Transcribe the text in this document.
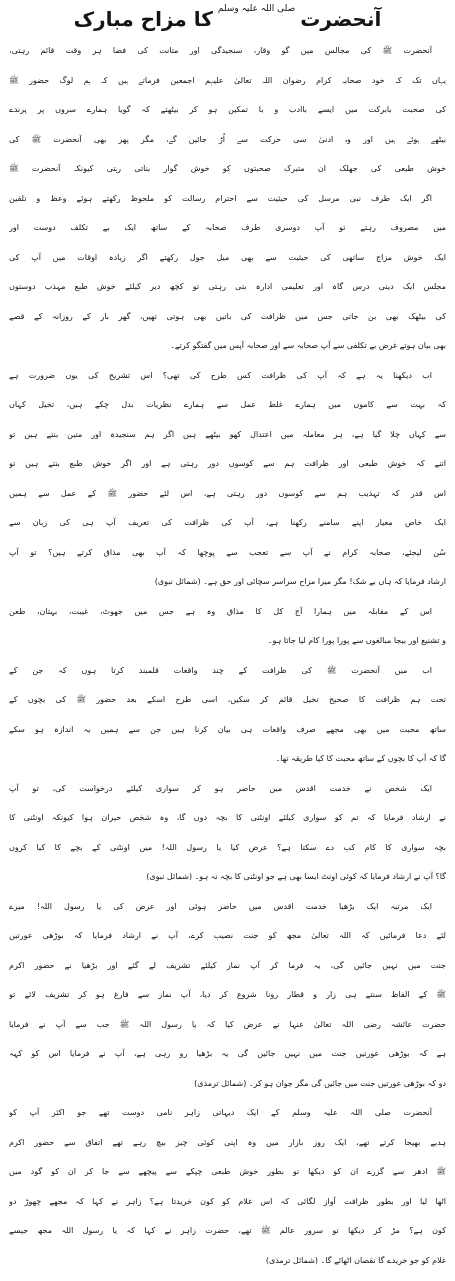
آنحضرت
صلی اللہ علیہ وسلم
کا مزاح مبارک
آنحضرت ﷺ کی مجالس میں گو وقار، سنجیدگی اور متانت کی فضا ہر وقت قائم رہتی،
یہاں تک کہ خود صحابہ کرام رضوان اللہ تعالیٰ علیہم اجمعین فرماتے ہیں کہ ہم لوگ حضور ﷺ
کی صحبت بابرکت میں ایسے باادب و با تمکین ہو کر بیٹھتے کہ گویا ہمارے سروں پر پرندے
بیٹھے ہوئے ہیں اور وہ ادنیٰ سی حرکت سے اُڑ جائیں گے، مگر پھر بھی آنحضرت ﷺ کی
خوش طبعی کی جھلک ان متبرک صحبتوں کو خوش گوار بناتی رہتی کیونکہ آنحضرت ﷺ
اگر ایک طرف نبی مرسل کی حیثیت سے احترام رسالت کو ملحوظ رکھتے ہوئے وعظ و تلقین
میں مصروف رہتے تو آپ دوسری طرف صحابہ کے ساتھ ایک بے تکلف دوست اور
ایک خوش مزاج ساتھی کی حیثیت سے بھی میل جول رکھتے اگر زیادہ اوقات میں آپ کی
مجلس ایک دینی درس گاہ اور تعلیمی ادارہ بنی رہتی تو کچھ دیر کیلئے خوش طبع مہذب دوستوں
کی بیٹھک بھی بن جاتی جس میں ظرافت کی باتیں بھی ہوتی تھیں، گھر بار کے روزانہ کے قصے
بھی بیان ہوتے غرض بے تکلفی سے آپ صحابہ سے اور صحابہ آپس میں گفتگو کرتے۔
اب دیکھنا یہ ہے کہ آپ کی ظرافت کس طرح کی تھی؟ اس تشریح کی یوں ضرورت ہے
کہ بہت سے کاموں میں ہمارے غلط عمل سے ہمارے نظریات بدل چکے ہیں، تخیل کہاں
سے کہاں چلا گیا ہے، ہر معاملہ میں اعتدال کھو بیٹھے ہیں اگر ہم سنجیدہ اور متین بنتے ہیں تو
اتنے کہ خوش طبعی اور ظرافت ہم سے کوسوں دور رہتی ہے اور اگر خوش طبع بنتے ہیں تو
اس قدر کہ تہذیب ہم سے کوسوں دور رہتی ہے، اس لئے حضور ﷺ کے عمل سے ہمیں
ایک خاص معیار اپنے سامنے رکھنا ہے، آپ کی ظرافت کی تعریف آپ ہی کی زبان سے
سُن لیجئے، صحابہ کرام نے آپ سے تعجب سے پوچھا کہ آپ بھی مذاق کرتے ہیں؟ تو آپ
ارشاد فرمایا کہ ہاں بے شک! مگر میرا مزاح سراسر سچائی اور حق ہے۔ (شمائل نبوی)
اس کے مقابلہ میں ہمارا آج کل کا مذاق وہ ہے جس میں جھوٹ، غیبت، بہتان، طعن
و تشنیع اور بیجا مبالغوں سے پورا پورا کام لیا جاتا ہو۔
اب میں آنحضرت ﷺ کی ظرافت کے چند واقعات قلمبند کرتا ہوں کہ جن کے
تحت ہم ظرافت کا صحیح تخیل قائم کر سکیں، اسی طرح اسکے بعد حضور ﷺ کی بچوں کے
ساتھ محبت میں بھی مجھے صرف واقعات ہی بیان کرنا ہیں جن سے ہمیں یہ اندازہ ہو سکے
گا کہ آپ کا بچوں کے ساتھ محبت کا کیا طریقہ تھا۔
ایک شخص نے خدمت اقدس میں حاضر ہو کر سواری کیلئے درخواست کی، تو آپ
نے ارشاد فرمایا کہ تم کو سواری کیلئے اونٹنی کا بچہ دوں گا، وہ شخص حیران ہوا کیونکہ اونٹنی کا
بچہ سواری کا کام کب دے سکتا ہے؟ عرض کیا یا رسول اللہ! میں اونٹنی کے بچے کا کیا کروں
گا؟ آپ نے ارشاد فرمایا کہ کوئی اونٹ ایسا بھی ہے جو اونٹنی کا بچہ نہ ہو۔ (شمائل نبوی)
ایک مرتبہ ایک بڑھیا خدمت اقدس میں حاضر ہوئی اور عرض کی یا رسول اللہ! میرے
لئے دعا فرمائیں کہ اللہ تعالیٰ مجھ کو جنت نصیب کرے، آپ نے ارشاد فرمایا کہ بوڑھی عورتیں
جنت میں نہیں جائیں گی، یہ فرما کر آپ نماز کیلئے تشریف لے گئے اور بڑھیا نے حضور اکرم
ﷺ کے الفاظ سنتے ہی زار و قطار رونا شروع کر دیا، آپ نماز سے فارغ ہو کر تشریف لائے تو
حضرت عائشہ رضی اللہ تعالیٰ عنہا نے عرض کیا کہ یا رسول اللہ ﷺ جب سے آپ نے فرمایا
ہے کہ بوڑھی عورتیں جنت میں نہیں جائیں گی یہ بڑھیا رو رہی ہے، آپ نے فرمایا اس کو کہہ
دو کہ بوڑھی عورتیں جنت میں جائیں گی مگر جوان ہو کر۔ (شمائل ترمذی)
آنحضرت صلی اللہ علیہ وسلم کے ایک دیہاتی زاہر نامی دوست تھے جو اکثر آپ کو
ہدیے بھیجا کرتے تھے، ایک روز بازار میں وہ اپنی کوئی چیز بیچ رہے تھے اتفاق سے حضور اکرم
ﷺ ادھر سے گزرے ان کو دیکھا تو بطور خوش طبعی چپکے سے پیچھے سے جا کر ان کو گود میں
اٹھا لیا اور بطور ظرافت آواز لگائی کہ اس غلام کو کون خریدتا ہے؟ زاہر نے کہا کہ مجھے چھوڑ دو
کون ہے؟ مڑ کر دیکھا تو سرور عالم ﷺ تھے، حضرت زاہر نے کہا کہ یا رسول اللہ مجھ جیسے
غلام کو جو خریدے گا نقصان اٹھائے گا۔ (شمائل ترمذی)
